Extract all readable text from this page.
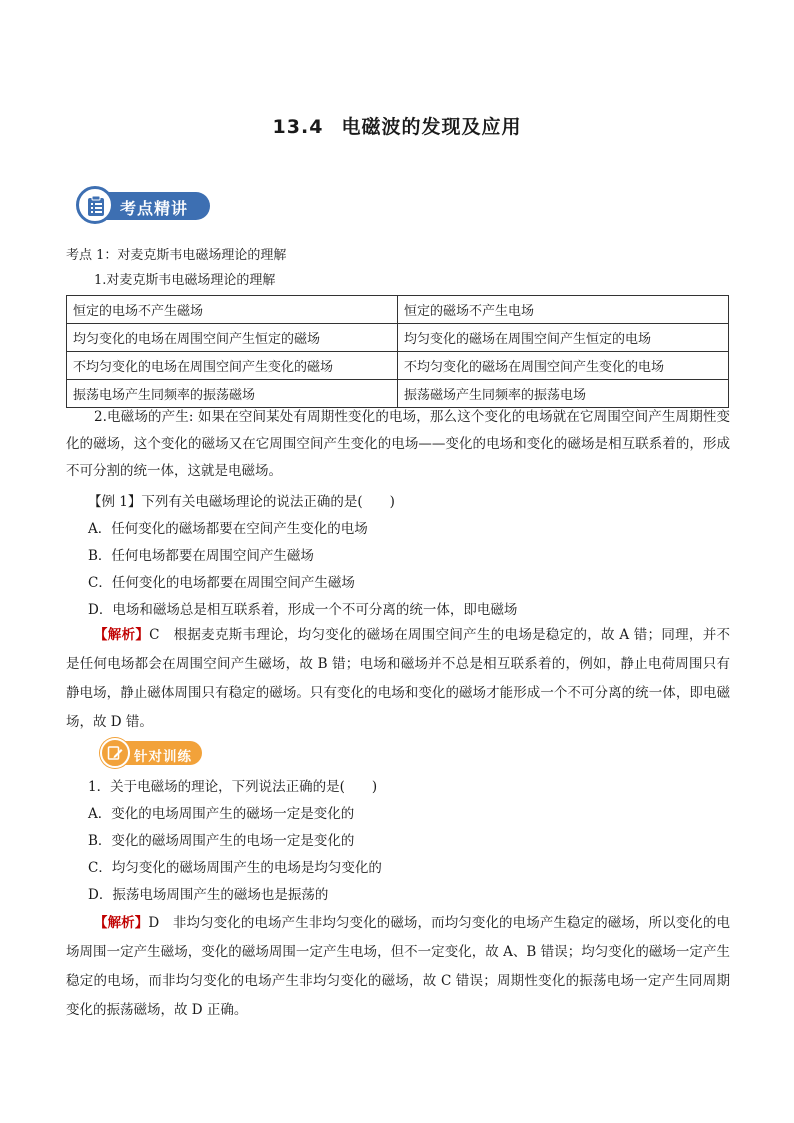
13.4 电磁波的发现及应用
考点精讲
考点 1：对麦克斯韦电磁场理论的理解
1.对麦克斯韦电磁场理论的理解
恒定的电场不产生磁场	恒定的磁场不产生电场
均匀变化的电场在周围空间产生恒定的磁场	均匀变化的磁场在周围空间产生恒定的电场
不均匀变化的电场在周围空间产生变化的磁场	不均匀变化的磁场在周围空间产生变化的电场
振荡电场产生同频率的振荡磁场	振荡磁场产生同频率的振荡电场
2.电磁场的产生: 如果在空间某处有周期性变化的电场，那么这个变化的电场就在它周围空间产生周期性变化的磁场，这个变化的磁场又在它周围空间产生变化的电场——变化的电场和变化的磁场是相互联系着的，形成不可分割的统一体，这就是电磁场。
【例 1】下列有关电磁场理论的说法正确的是(　　)
A．任何变化的磁场都要在空间产生变化的电场
B．任何电场都要在周围空间产生磁场
C．任何变化的电场都要在周围空间产生磁场
D．电场和磁场总是相互联系着，形成一个不可分离的统一体，即电磁场
【解析】C　根据麦克斯韦理论，均匀变化的磁场在周围空间产生的电场是稳定的，故 A 错；同理，并不是任何电场都会在周围空间产生磁场，故 B 错；电场和磁场并不总是相互联系着的，例如，静止电荷周围只有静电场，静止磁体周围只有稳定的磁场。只有变化的电场和变化的磁场才能形成一个不可分离的统一体，即电磁场，故 D 错。
针对训练
1．关于电磁场的理论，下列说法正确的是(　　)
A．变化的电场周围产生的磁场一定是变化的
B．变化的磁场周围产生的电场一定是变化的
C．均匀变化的磁场周围产生的电场是均匀变化的
D．振荡电场周围产生的磁场也是振荡的
【解析】D　非均匀变化的电场产生非均匀变化的磁场，而均匀变化的电场产生稳定的磁场，所以变化的电场周围一定产生磁场，变化的磁场周围一定产生电场，但不一定变化，故 A、B 错误；均匀变化的磁场一定产生稳定的电场，而非均匀变化的电场产生非均匀变化的磁场，故 C 错误；周期性变化的振荡电场一定产生同周期变化的振荡磁场，故 D 正确。
